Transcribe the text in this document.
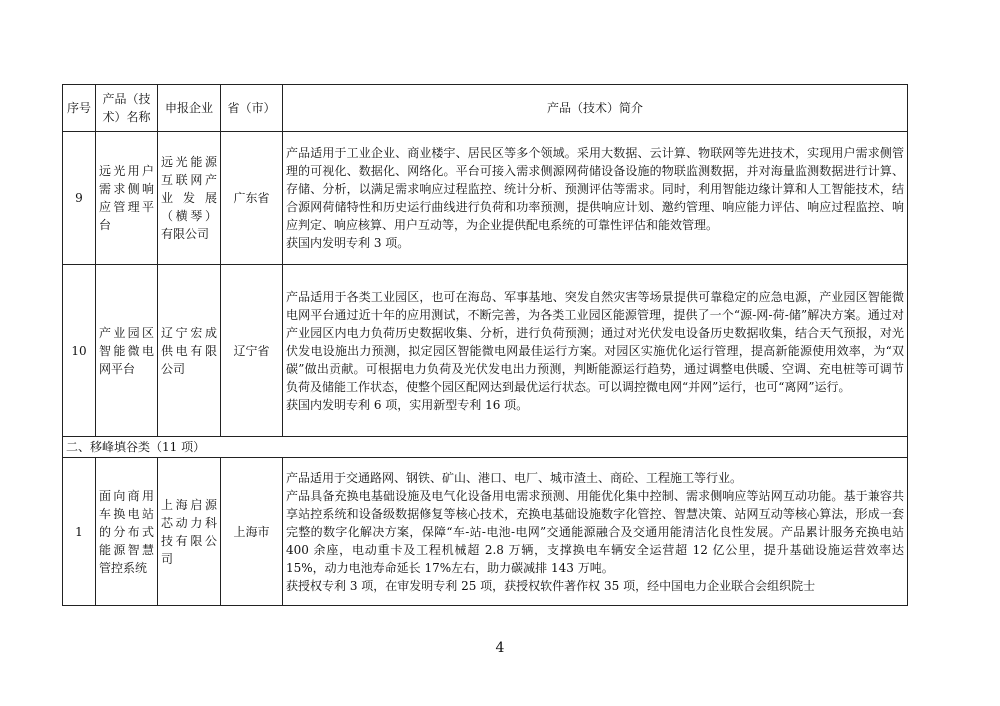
序号	产品（技术）名称	申报企业	省（市）	产品（技术）简介
9	远光用户需求侧响应管理平台	远光能源互联网产业发展（横琴）有限公司	广东省	产品适用于工业企业、商业楼宇、居民区等多个领域。采用大数据、云计算、物联网等先进技术，实现用户需求侧管理的可视化、数据化、网络化。平台可接入需求侧源网荷储设备设施的物联监测数据，并对海量监测数据进行计算、存储、分析，以满足需求响应过程监控、统计分析、预测评估等需求。同时，利用智能边缘计算和人工智能技术，结合源网荷储特性和历史运行曲线进行负荷和功率预测，提供响应计划、邀约管理、响应能力评估、响应过程监控、响应判定、响应核算、用户互动等，为企业提供配电系统的可靠性评估和能效管理。

获国内发明专利 3 项。

10	产业园区智能微电网平台	辽宁宏成供电有限公司	辽宁省	产品适用于各类工业园区，也可在海岛、军事基地、突发自然灾害等场景提供可靠稳定的应急电源，产业园区智能微电网平台通过近十年的应用测试，不断完善，为各类工业园区能源管理，提供了一个“源-网-荷-储”解决方案。通过对产业园区内电力负荷历史数据收集、分析，进行负荷预测；通过对光伏发电设备历史数据收集，结合天气预报，对光伏发电设施出力预测，拟定园区智能微电网最佳运行方案。对园区实施优化运行管理，提高新能源使用效率，为“双碳”做出贡献。可根据电力负荷及光伏发电出力预测，判断能源运行趋势，通过调整电供暖、空调、充电桩等可调节负荷及储能工作状态，使整个园区配网达到最优运行状态。可以调控微电网“并网”运行，也可“离网”运行。

获国内发明专利 6 项，实用新型专利 16 项。

二、移峰填谷类（11 项）				
1	面向商用车换电站的分布式能源智慧管控系统	上海启源芯动力科技有限公司	上海市	产品适用于交通路网、钢铁、矿山、港口、电厂、城市渣土、商砼、工程施工等行业。

产品具备充换电基础设施及电气化设备用电需求预测、用能优化集中控制、需求侧响应等站网互动功能。基于兼容共享站控系统和设备级数据修复等核心技术，充换电基础设施数字化管控、智慧决策、站网互动等核心算法，形成一套完整的数字化解决方案，保障“车-站-电池-电网”交通能源融合及交通用能清洁化良性发展。产品累计服务充换电站 400 余座，电动重卡及工程机械超 2.8 万辆，支撑换电车辆安全运营超 12 亿公里，提升基础设施运营效率达 15%，动力电池寿命延长 17%左右，助力碳减排 143 万吨。

获授权专利 3 项，在审发明专利 25 项，获授权软件著作权 35 项，经中国电力企业联合会组织院士

4
